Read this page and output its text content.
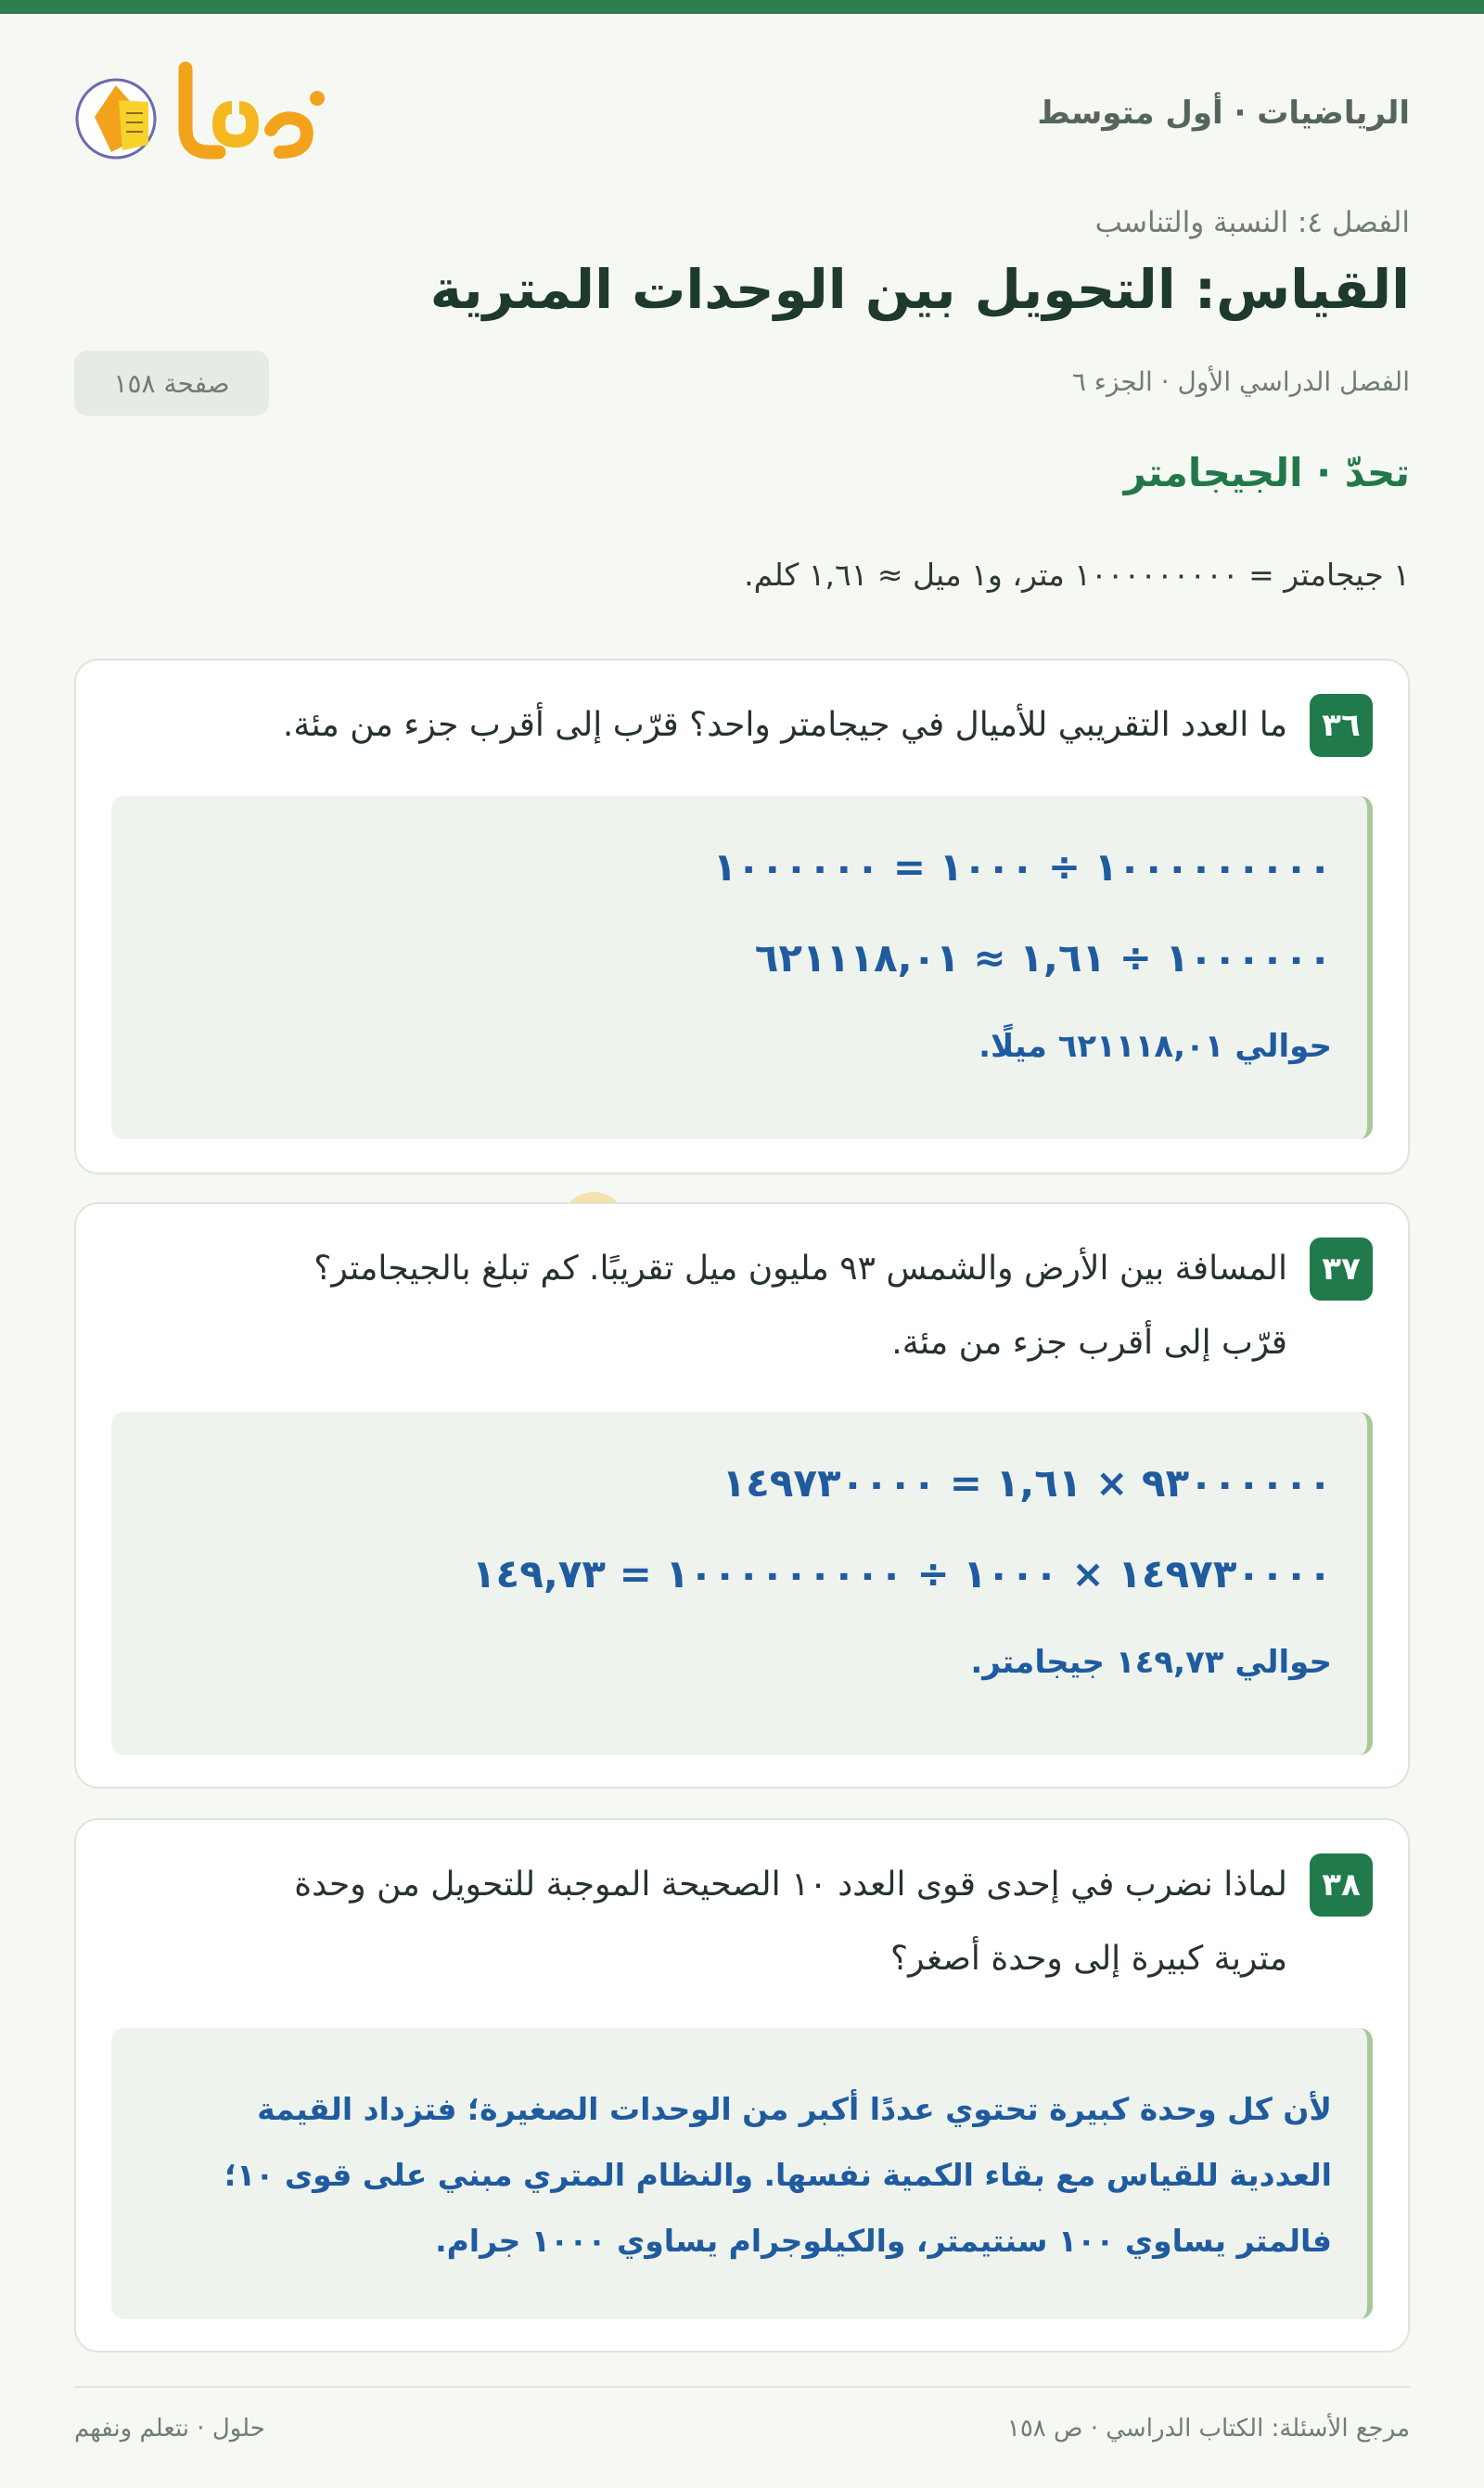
الرياضيات · أول متوسط
الفصل ٤: النسبة والتناسب
القياس: التحويل بين الوحدات المترية
الفصل الدراسي الأول · الجزء ٦
صفحة ١٥٨
تحدّ · الجيجامتر

١ جيجامتر = ١٠٠٠٠٠٠٠٠٠ متر، و١ ميل ≈ ١,٦١ كلم.

٣٦
ما العدد التقريبي للأميال في جيجامتر واحد؟ قرّب إلى أقرب جزء من مئة.
١٠٠٠٠٠٠٠٠٠ ÷ ١٠٠٠ = ١٠٠٠٠٠٠
١٠٠٠٠٠٠ ÷ ١,٦١ ≈ ٦٢١١١٨,٠١
حوالي ٦٢١١١٨,٠١ ميلًا.
٣٧
المسافة بين الأرض والشمس ٩٣ مليون ميل تقريبًا. كم تبلغ بالجيجامتر؟
قرّب إلى أقرب جزء من مئة.
٩٣٠٠٠٠٠٠ × ١,٦١ = ١٤٩٧٣٠٠٠٠
١٤٩٧٣٠٠٠٠ × ١٠٠٠ ÷ ١٠٠٠٠٠٠٠٠٠ = ١٤٩,٧٣
حوالي ١٤٩,٧٣ جيجامتر.
٣٨
لماذا نضرب في إحدى قوى العدد ١٠ الصحيحة الموجبة للتحويل من وحدة
مترية كبيرة إلى وحدة أصغر؟
لأن كل وحدة كبيرة تحتوي عددًا أكبر من الوحدات الصغيرة؛ فتزداد القيمة
العددية للقياس مع بقاء الكمية نفسها. والنظام المتري مبني على قوى ١٠؛
فالمتر يساوي ١٠٠ سنتيمتر، والكيلوجرام يساوي ١٠٠٠ جرام.
مرجع الأسئلة: الكتاب الدراسي · ص ١٥٨
حلول · نتعلم ونفهم
